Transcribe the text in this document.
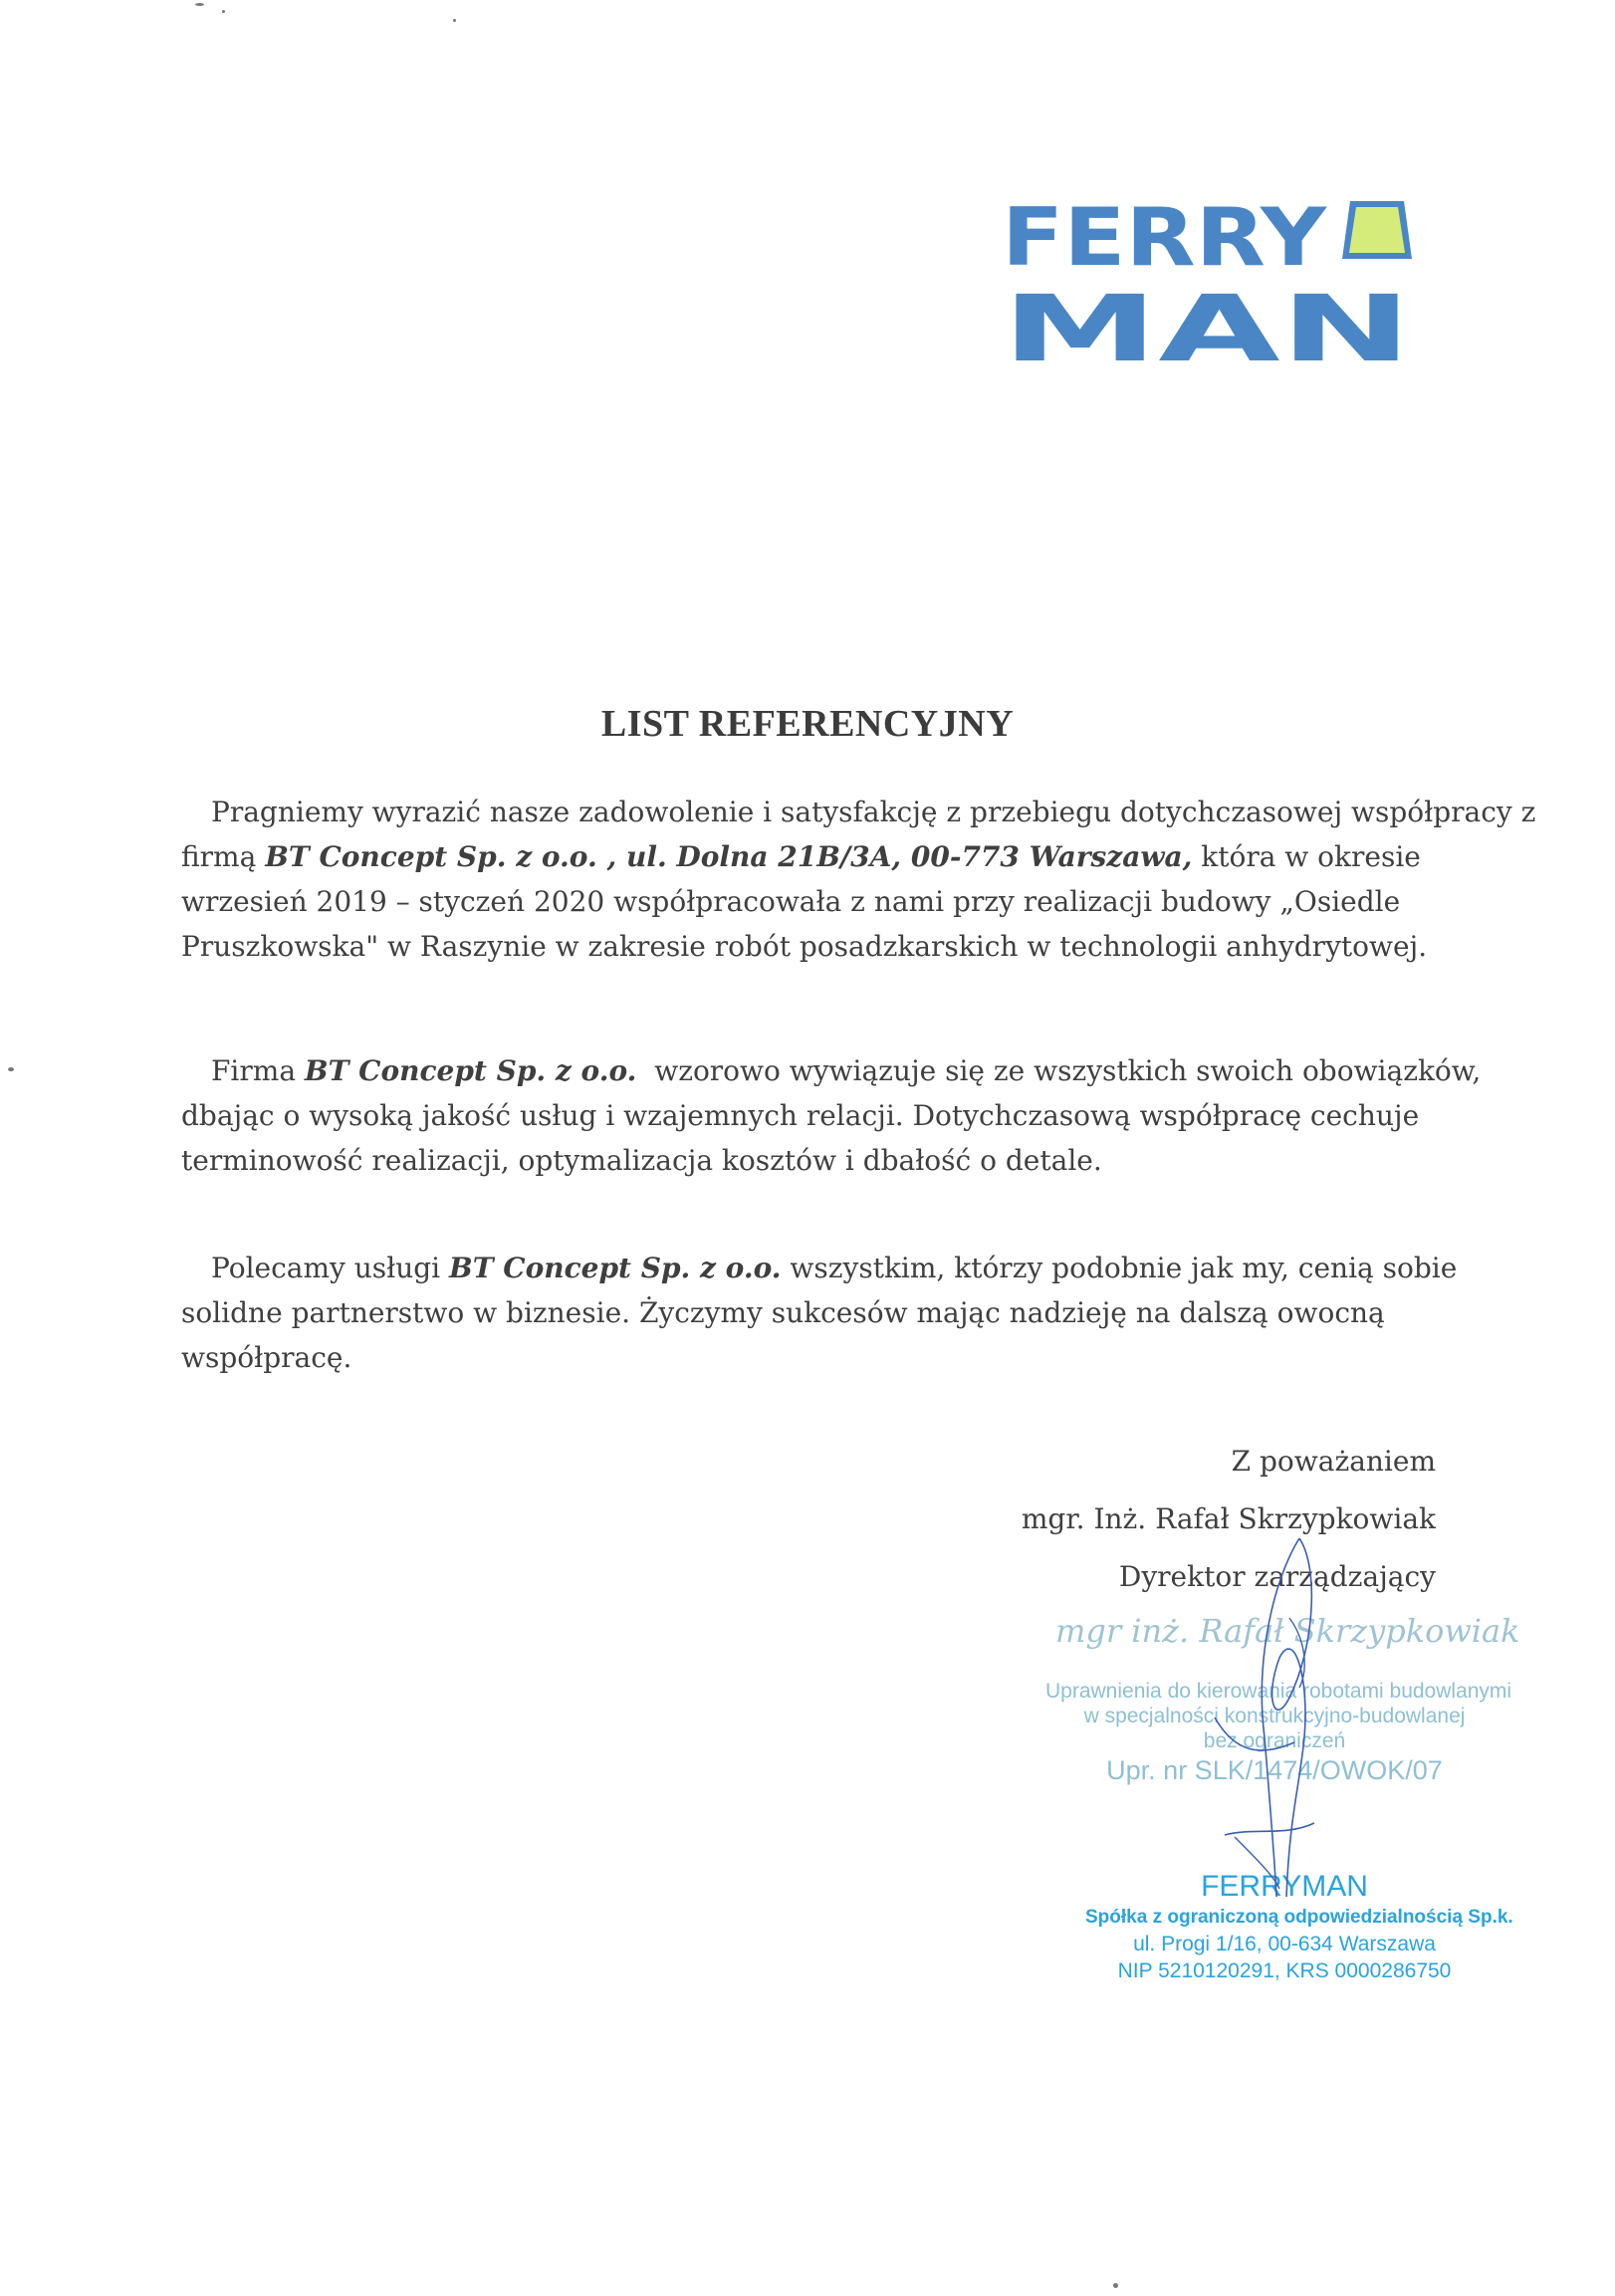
FERRY
MAN
LIST REFERENCYJNY
Pragniemy wyrazić nasze zadowolenie i satysfakcję z przebiegu dotychczasowej współpracy z
firmą BT Concept Sp. z o.o. , ul. Dolna 21B/3A, 00-773 Warszawa, która w okresie
wrzesień 2019 – styczeń 2020 współpracowała z nami przy realizacji budowy „Osiedle
Pruszkowska" w Raszynie w zakresie robót posadzkarskich w technologii anhydrytowej.
Firma BT Concept Sp. z o.o.  wzorowo wywiązuje się ze wszystkich swoich obowiązków,
dbając o wysoką jakość usług i wzajemnych relacji. Dotychczasową współpracę cechuje
terminowość realizacji, optymalizacja kosztów i dbałość o detale.
Polecamy usługi BT Concept Sp. z o.o. wszystkim, którzy podobnie jak my, cenią sobie
solidne partnerstwo w biznesie. Życzymy sukcesów mając nadzieję na dalszą owocną
współpracę.
Z poważaniem
mgr. Inż. Rafał Skrzypkowiak
Dyrektor zarządzający
mgr inż. Rafał Skrzypkowiak
Uprawnienia do kierowania robotami budowlanymi
w specjalności konstrukcyjno-budowlanej
bez ograniczeń
Upr. nr SLK/1474/OWOK/07
FERRYMAN
Spółka z ograniczoną odpowiedzialnością Sp.k.
ul. Progi 1/16, 00-634 Warszawa
NIP 5210120291, KRS 0000286750
